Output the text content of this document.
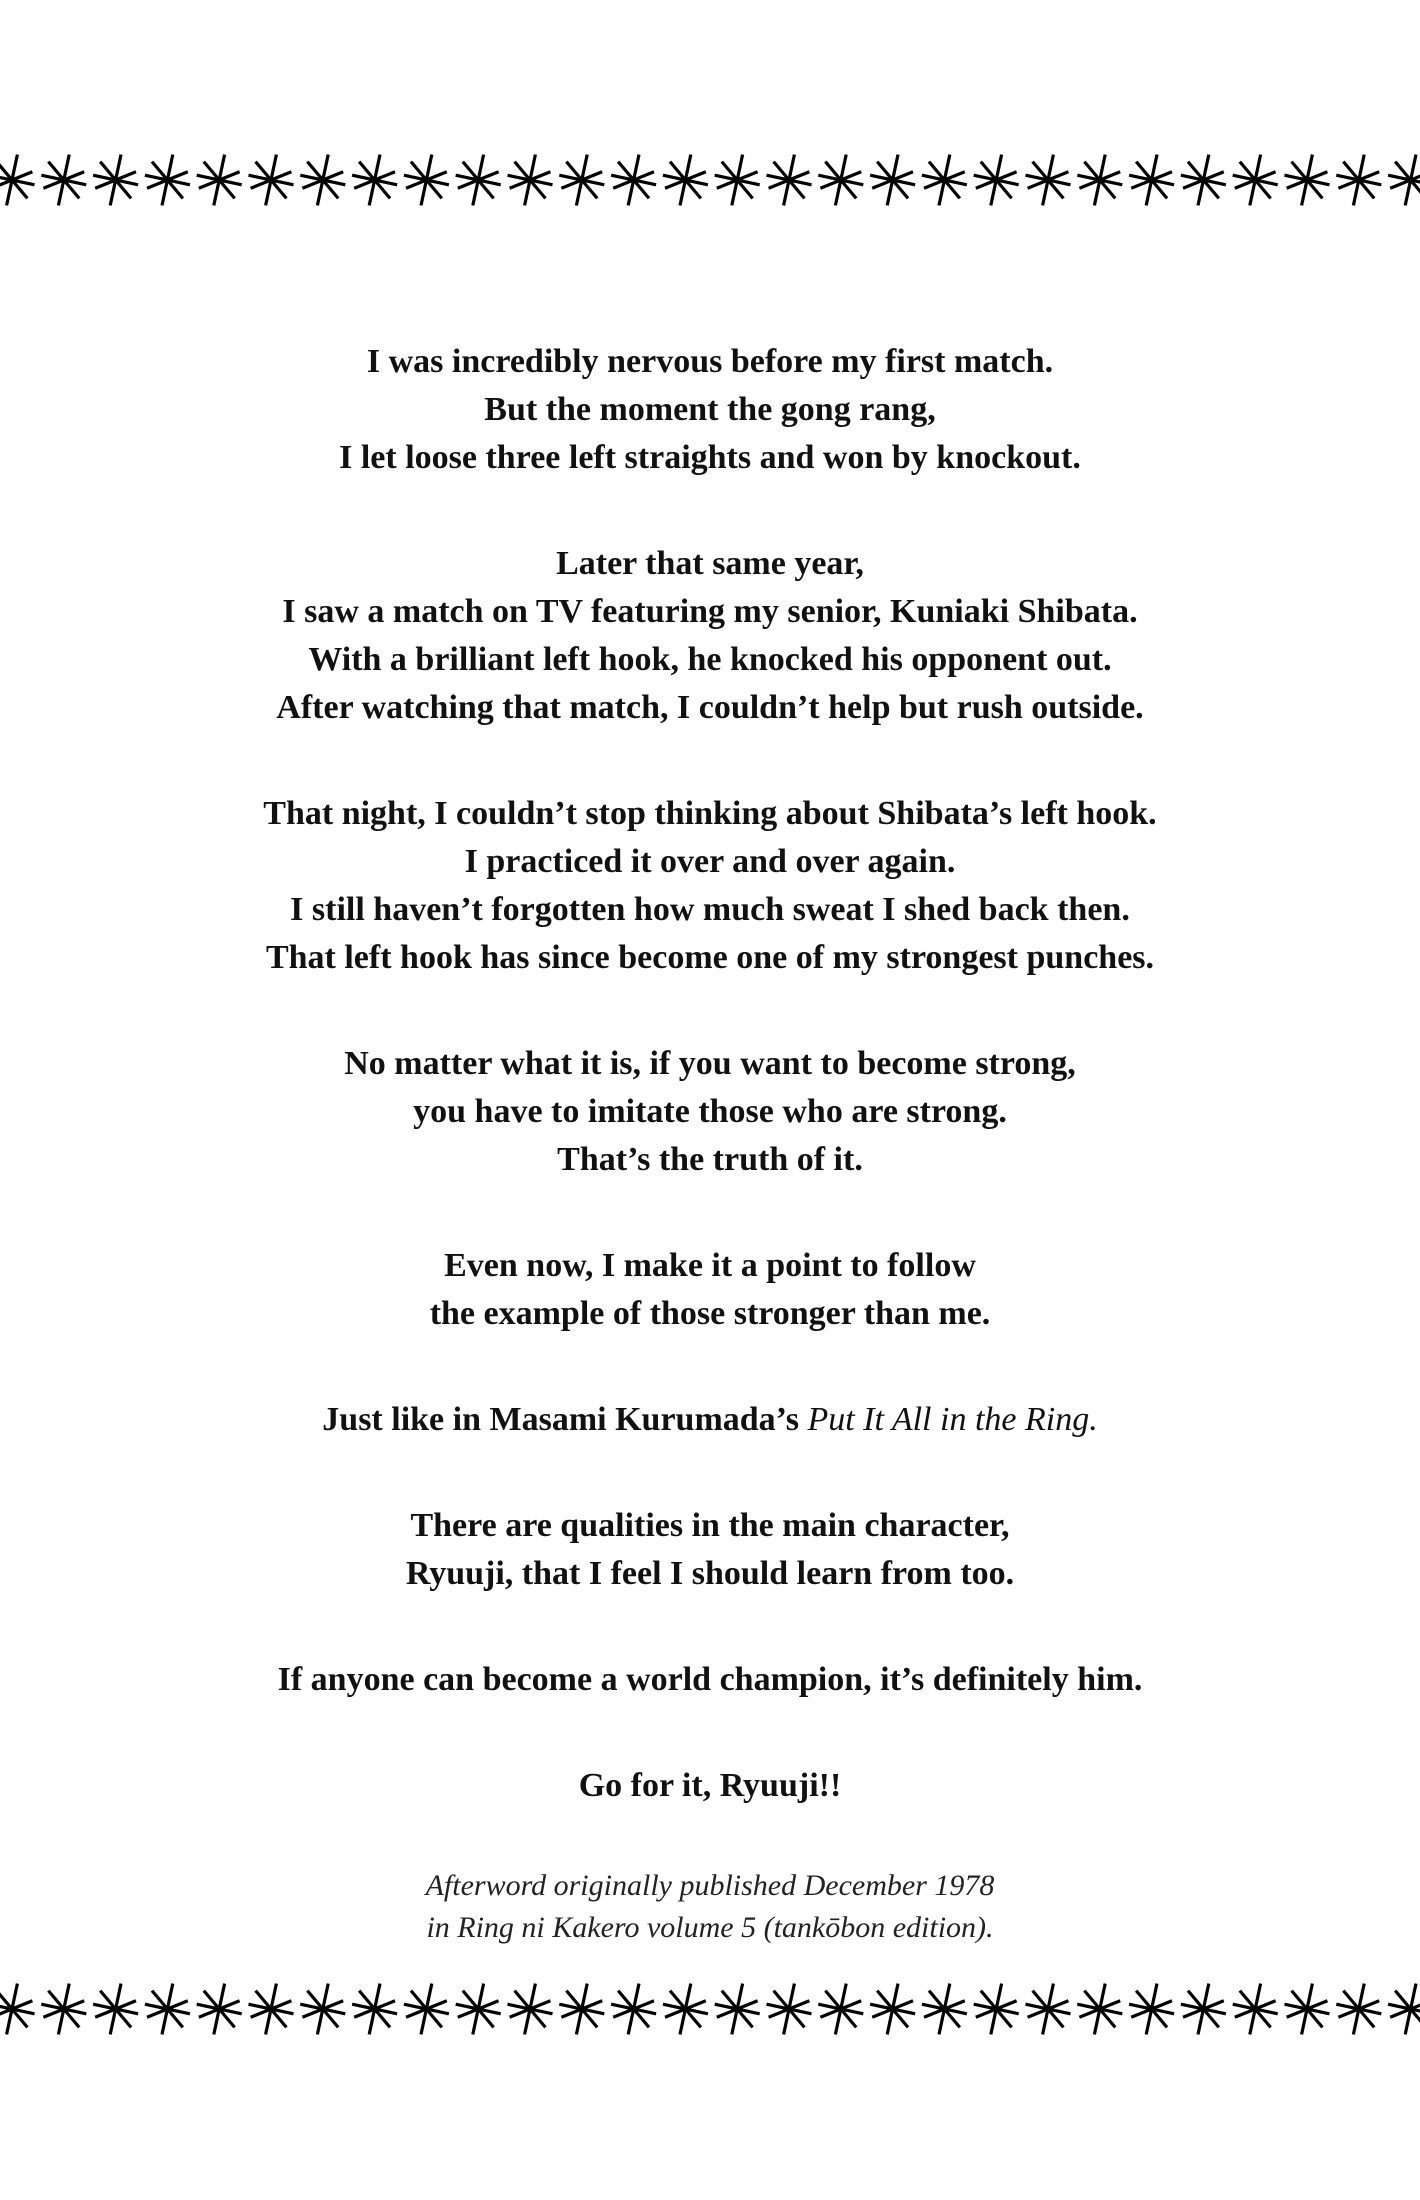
I was incredibly nervous before my first match.
But the moment the gong rang,
I let loose three left straights and won by knockout.

Later that same year,
I saw a match on TV featuring my senior, Kuniaki Shibata.
With a brilliant left hook, he knocked his opponent out.
After watching that match, I couldn’t help but rush outside.

That night, I couldn’t stop thinking about Shibata’s left hook.
I practiced it over and over again.
I still haven’t forgotten how much sweat I shed back then.
That left hook has since become one of my strongest punches.

No matter what it is, if you want to become strong,
you have to imitate those who are strong.
That’s the truth of it.

Even now, I make it a point to follow
the example of those stronger than me.

Just like in Masami Kurumada’s Put It All in the Ring.

There are qualities in the main character,
Ryuuji, that I feel I should learn from too.

If anyone can become a world champion, it’s definitely him.

Go for it, Ryuuji!!

Afterword originally published December 1978
in Ring ni Kakero volume 5 (tankōbon edition).
